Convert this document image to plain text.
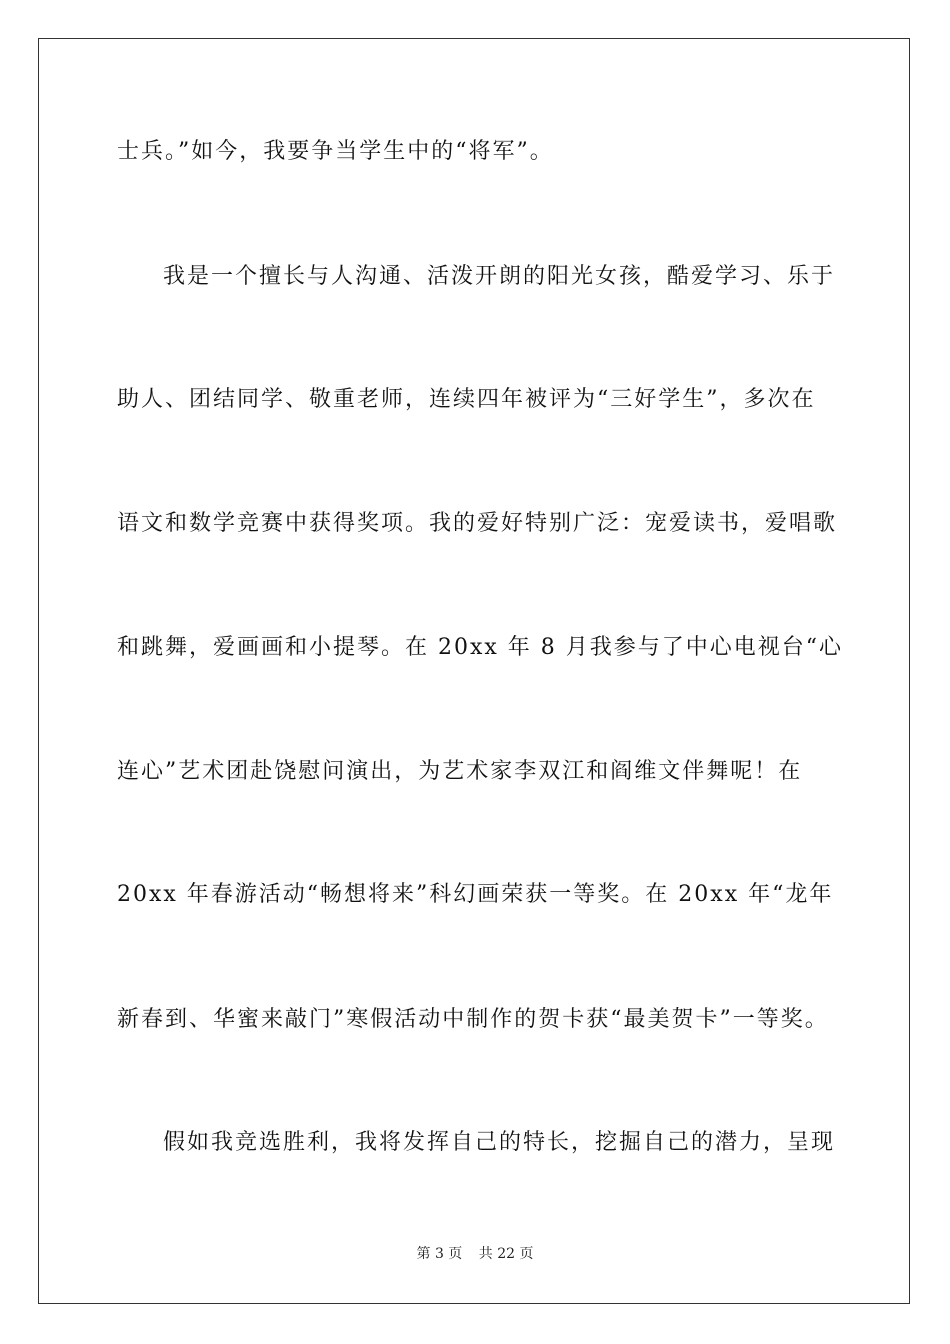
士兵。”如今，我要争当学生中的“将军”。
我是一个擅长与人沟通、活泼开朗的阳光女孩，酷爱学习、乐于
助人、团结同学、敬重老师，连续四年被评为“三好学生”，多次在
语文和数学竞赛中获得奖项。我的爱好特别广泛：宠爱读书，爱唱歌
和跳舞，爱画画和小提琴。在 20xx 年 8 月我参与了中心电视台“心
连心”艺术团赴饶慰问演出，为艺术家李双江和阎维文伴舞呢！在
20xx 年春游活动“畅想将来”科幻画荣获一等奖。在 20xx 年“龙年
新春到、华蜜来敲门”寒假活动中制作的贺卡获“最美贺卡”一等奖。
假如我竞选胜利，我将发挥自己的特长，挖掘自己的潜力，呈现
第 3 页 共 22 页
